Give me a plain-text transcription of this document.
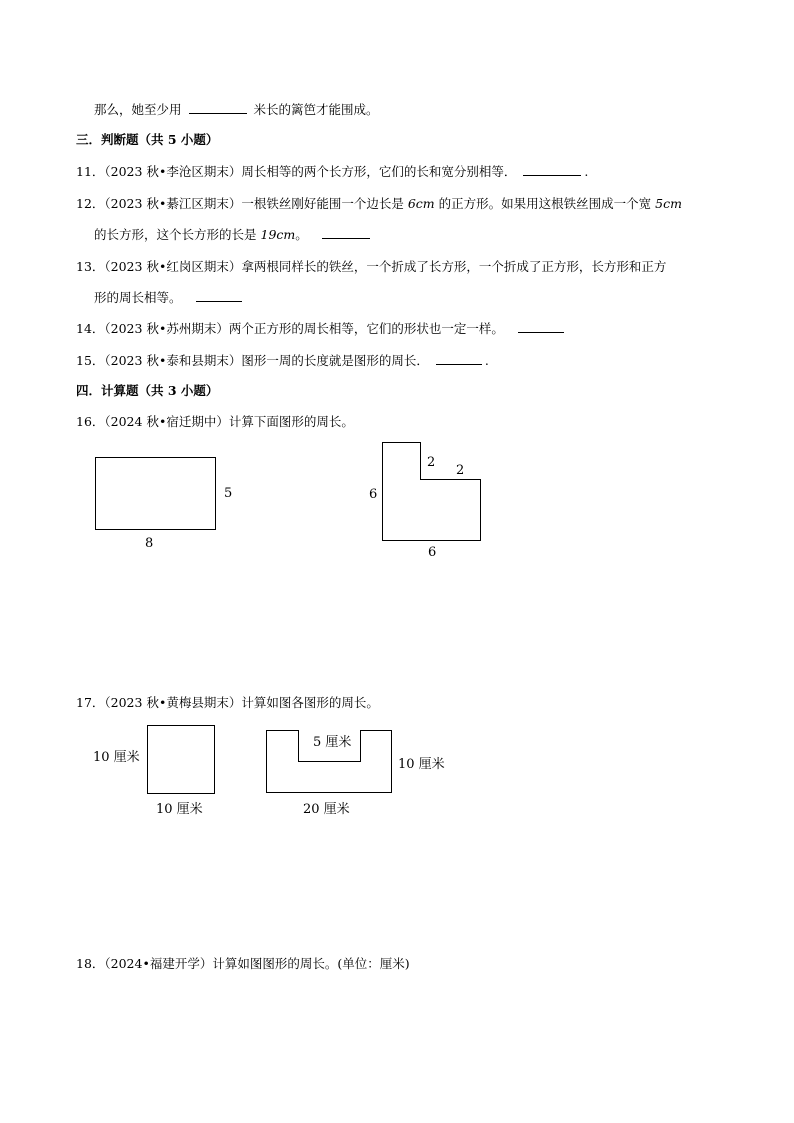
那么，她至少用	米长的篱笆才能围成。
三．判断题（共 5 小题）
11．（2023 秋•李沧区期末）周长相等的两个长方形，它们的长和宽分别相等．	.
12．（2023 秋•綦江区期末）一根铁丝刚好能围一个边长是 6cm 的正方形。如果用这根铁丝围成一个宽 5cm
的长方形，这个长方形的长是 19cm。
13．（2023 秋•红岗区期末）拿两根同样长的铁丝，一个折成了长方形，一个折成了正方形，长方形和正方
形的周长相等。
14．（2023 秋•苏州期末）两个正方形的周长相等，它们的形状也一定一样。
15．（2023 秋•泰和县期末）图形一周的长度就是图形的周长．	.
四．计算题（共 3 小题）
16．（2024 秋•宿迁期中）计算下面图形的周长。
17．（2023 秋•黄梅县期末）计算如图各图形的周长。
18．（2024•福建开学）计算如图图形的周长。(单位：厘米)
5
8
6
6
2
2
10 厘米
10 厘米
5 厘米
10 厘米
20 厘米
